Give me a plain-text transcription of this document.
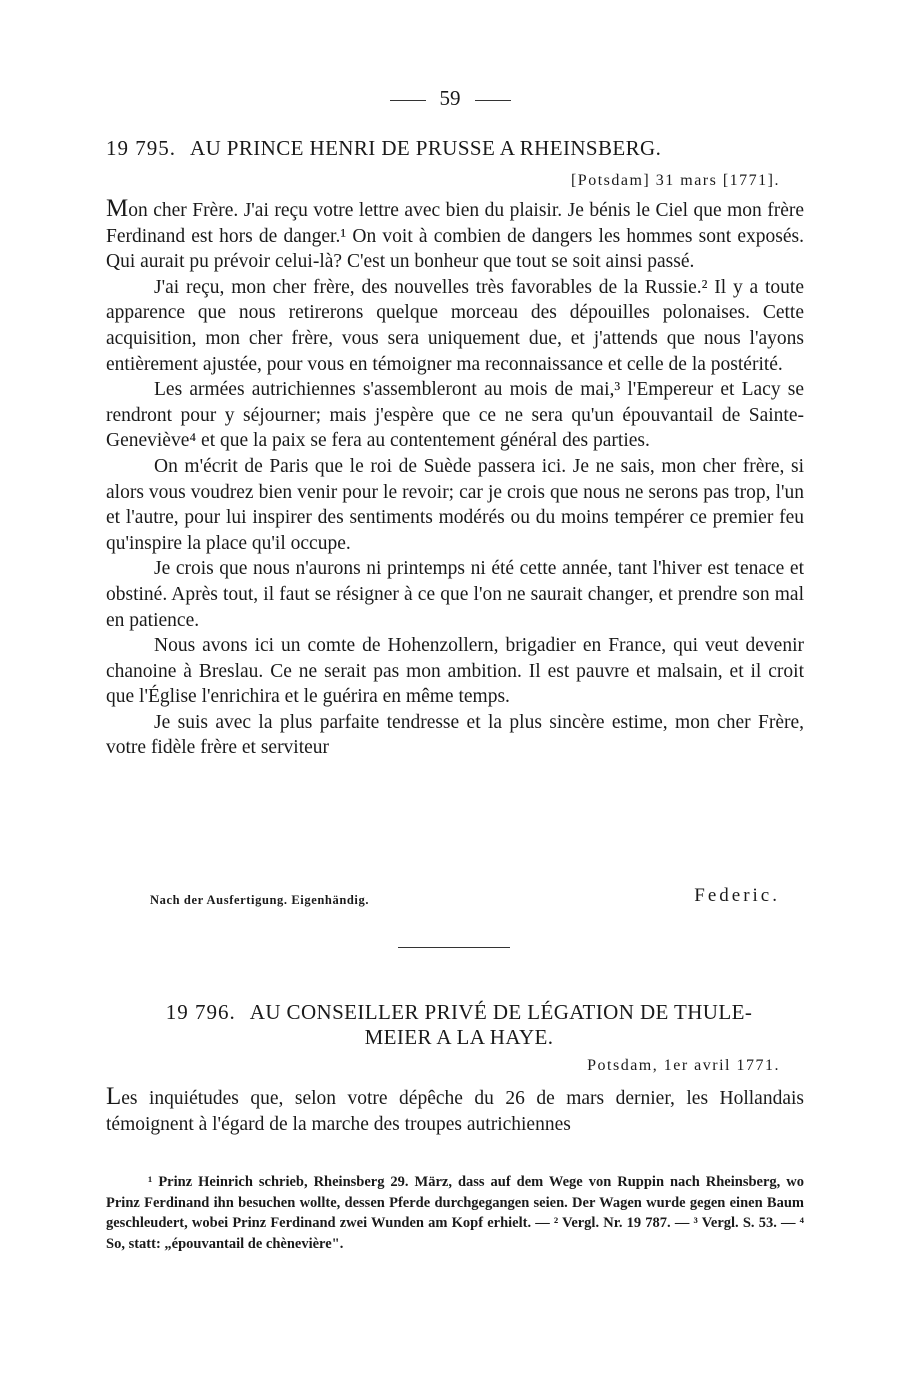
59
19 795. AU PRINCE HENRI DE PRUSSE A RHEINSBERG.
[Potsdam] 31 mars [1771].

Mon cher Frère. J'ai reçu votre lettre avec bien du plaisir. Je bénis le Ciel que mon frère Ferdinand est hors de danger.¹ On voit à combien de dangers les hommes sont exposés. Qui aurait pu prévoir celui-là? C'est un bonheur que tout se soit ainsi passé.

J'ai reçu, mon cher frère, des nouvelles très favorables de la Russie.² Il y a toute apparence que nous retirerons quelque morceau des dépouilles polonaises. Cette acquisition, mon cher frère, vous sera uniquement due, et j'attends que nous l'ayons entièrement ajustée, pour vous en témoigner ma reconnaissance et celle de la postérité.

Les armées autrichiennes s'assembleront au mois de mai,³ l'Empereur et Lacy se rendront pour y séjourner; mais j'espère que ce ne sera qu'un épouvantail de Sainte-Geneviève⁴ et que la paix se fera au contentement général des parties.

On m'écrit de Paris que le roi de Suède passera ici. Je ne sais, mon cher frère, si alors vous voudrez bien venir pour le revoir; car je crois que nous ne serons pas trop, l'un et l'autre, pour lui inspirer des sentiments modérés ou du moins tempérer ce premier feu qu'inspire la place qu'il occupe.

Je crois que nous n'aurons ni printemps ni été cette année, tant l'hiver est tenace et obstiné. Après tout, il faut se résigner à ce que l'on ne saurait changer, et prendre son mal en patience.

Nous avons ici un comte de Hohenzollern, brigadier en France, qui veut devenir chanoine à Breslau. Ce ne serait pas mon ambition. Il est pauvre et malsain, et il croit que l'Église l'enrichira et le guérira en même temps.

Je suis avec la plus parfaite tendresse et la plus sincère estime, mon cher Frère, votre fidèle frère et serviteur

Nach der Ausfertigung. Eigenhändig.	Federic.
19 796. AU CONSEILLER PRIVÉ DE LÉGATION DE THULE-
MEIER A LA HAYE.
Potsdam, 1er avril 1771.

Les inquiétudes que, selon votre dépêche du 26 de mars dernier, les Hollandais témoignent à l'égard de la marche des troupes autrichiennes

¹ Prinz Heinrich schrieb, Rheinsberg 29. März, dass auf dem Wege von Ruppin nach Rheinsberg, wo Prinz Ferdinand ihn besuchen wollte, dessen Pferde durchgegangen seien. Der Wagen wurde gegen einen Baum geschleudert, wobei Prinz Ferdinand zwei Wunden am Kopf erhielt. — ² Vergl. Nr. 19 787. — ³ Vergl. S. 53. — ⁴ So, statt: „épouvantail de chènevière".
